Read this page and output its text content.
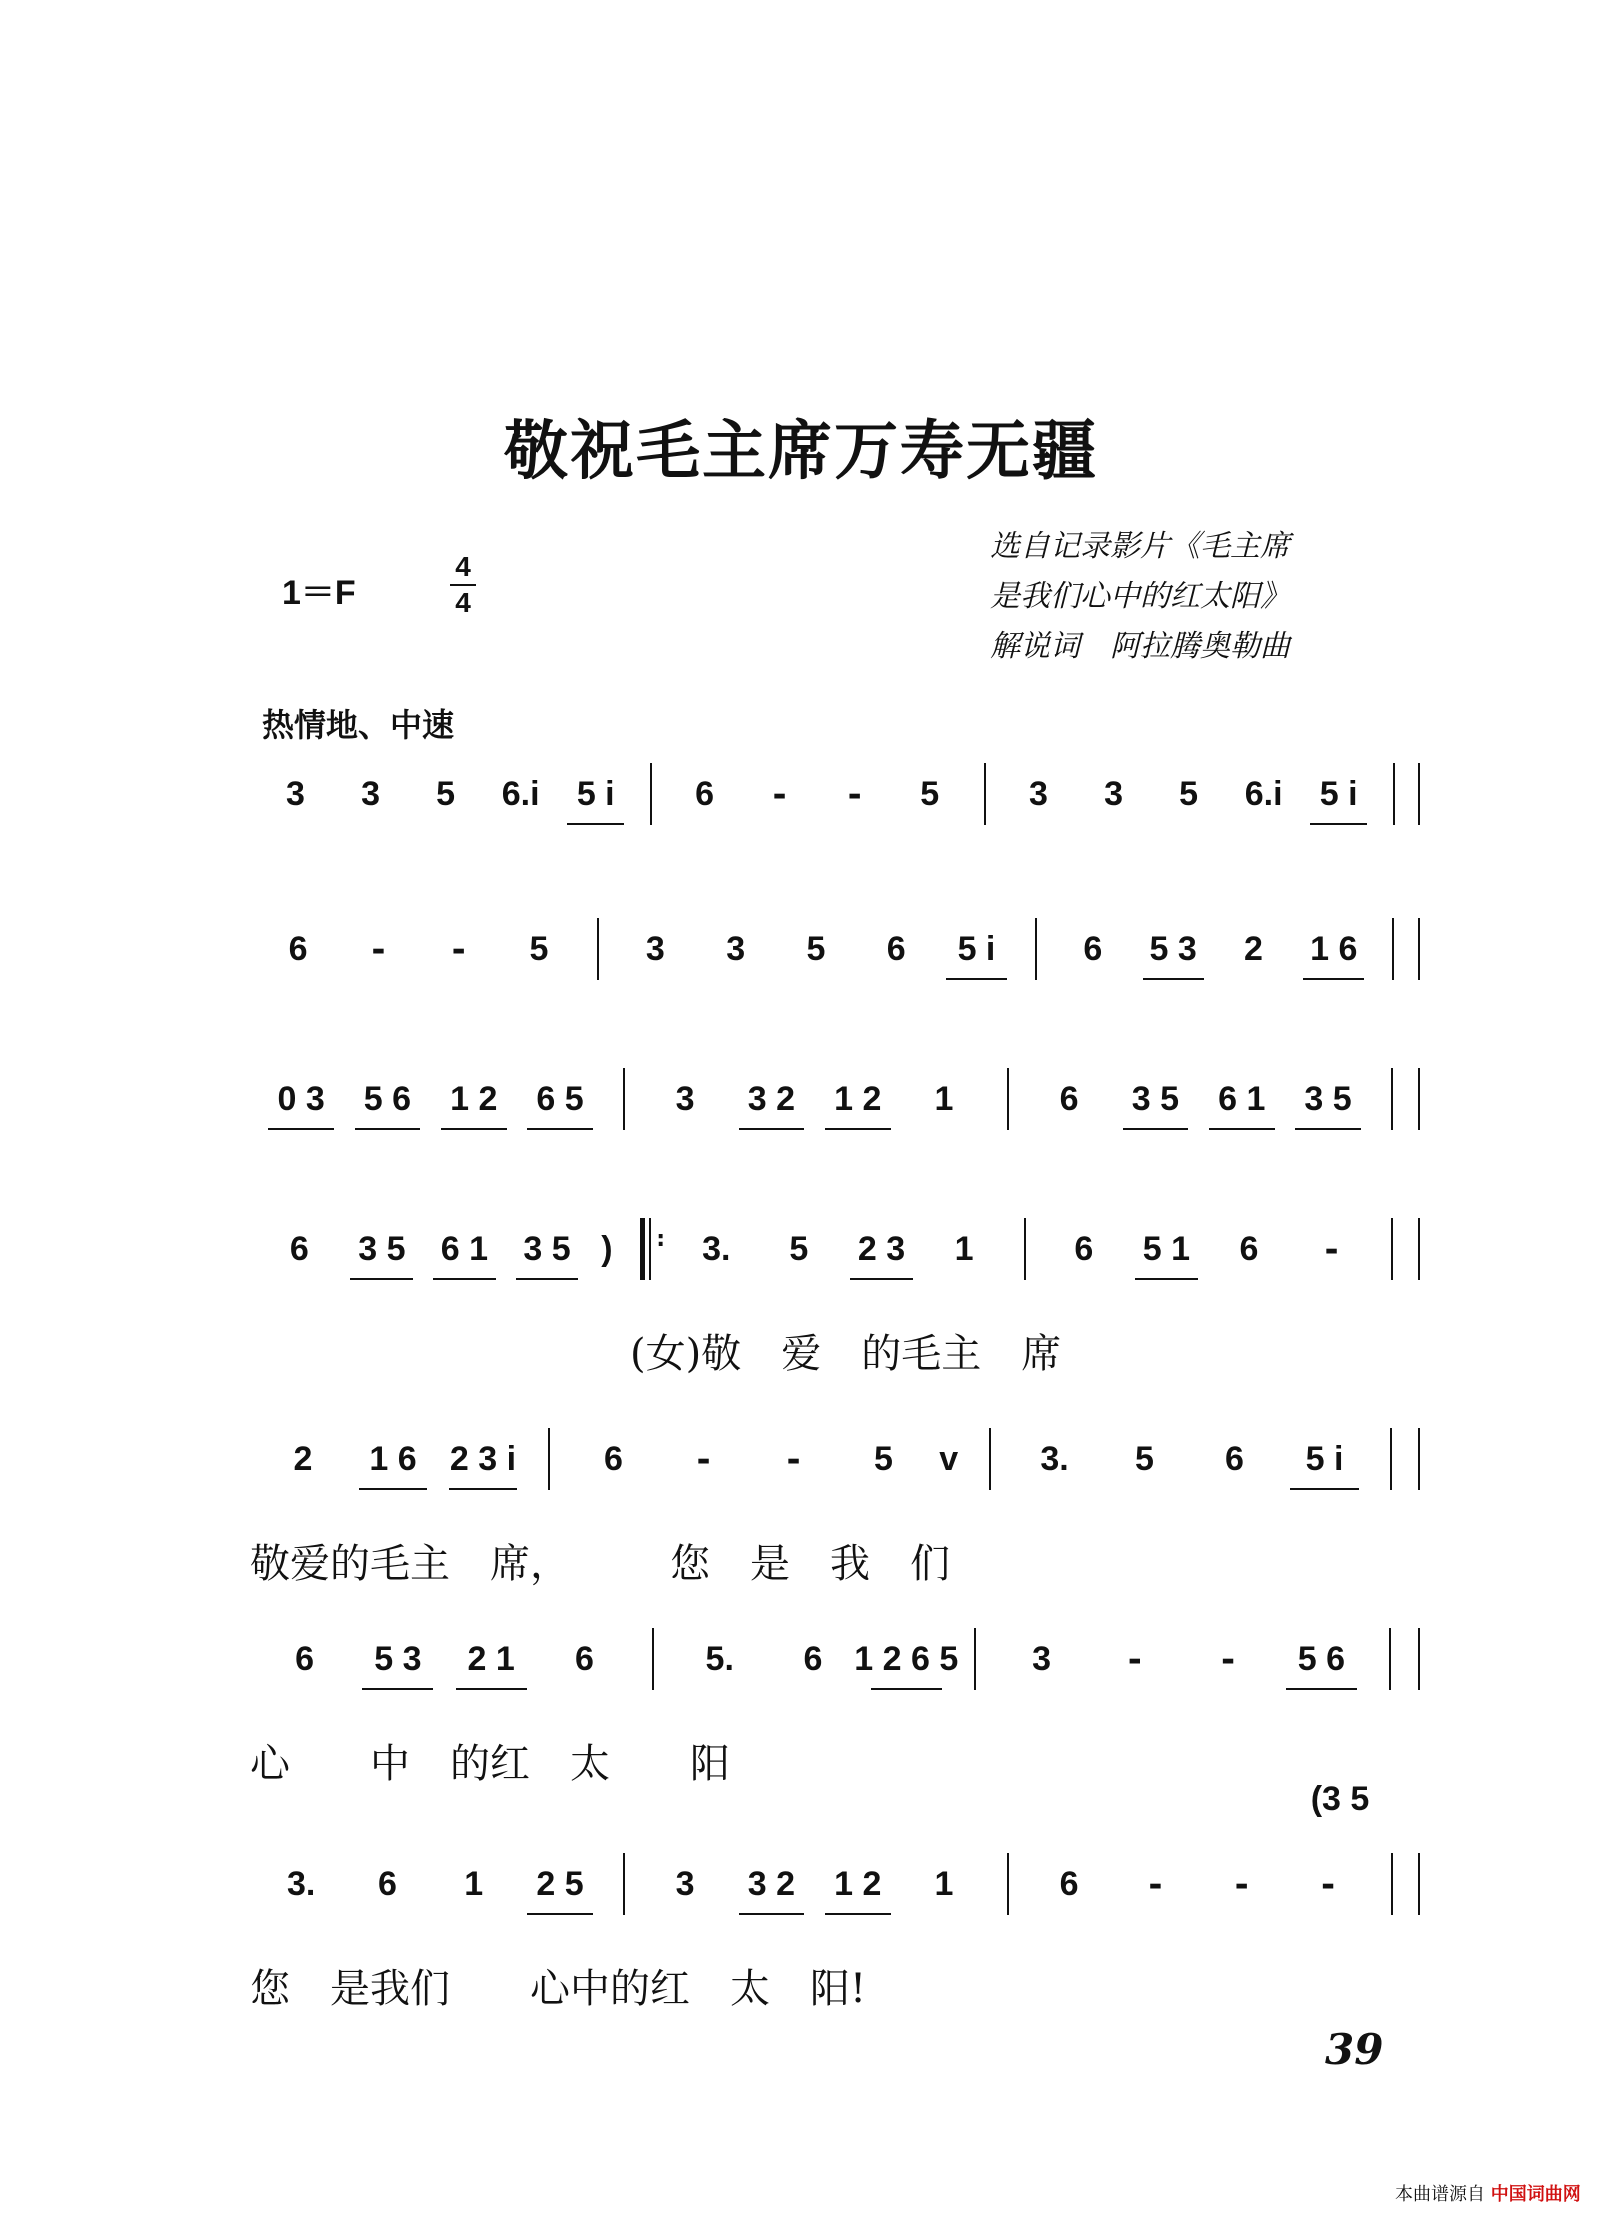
敬祝毛主席万寿无疆
1＝F
4
4
选自记录影片《毛主席
是我们心中的红太阳》
解说词　阿拉腾奥勒曲
热情地、中速
3 3 5 6.i 5 i 6 - - 5	3 3 5 6.i 5 i
6 - - 5	3 3 5 6 5 i	6 5 3 2 1 6
0 3 5 6 1 2 6 5	3 3 2 1 2 1	6 3 5 6 1 3 5
6 3 5 6 1 3 5 ) : 3. 5 2 3 1	6 5 1 6 -
(女)敬　爱　的毛主　席
2 1 6 2 3 i	6 - - 5 v 3. 5 6 5 i
敬爱的毛主　席，　　　您　是　我　们
6 5 3 2 1 6	5. 6 1 2 6 5 3 - - 5 6
心　　中　的红　太　　阳
3. 6 1 2 5	3 3 2 1 2 1	6 - - -
您　是我们　　心中的红　太　阳!
(3 5
39
本曲谱源自 中国词曲网
